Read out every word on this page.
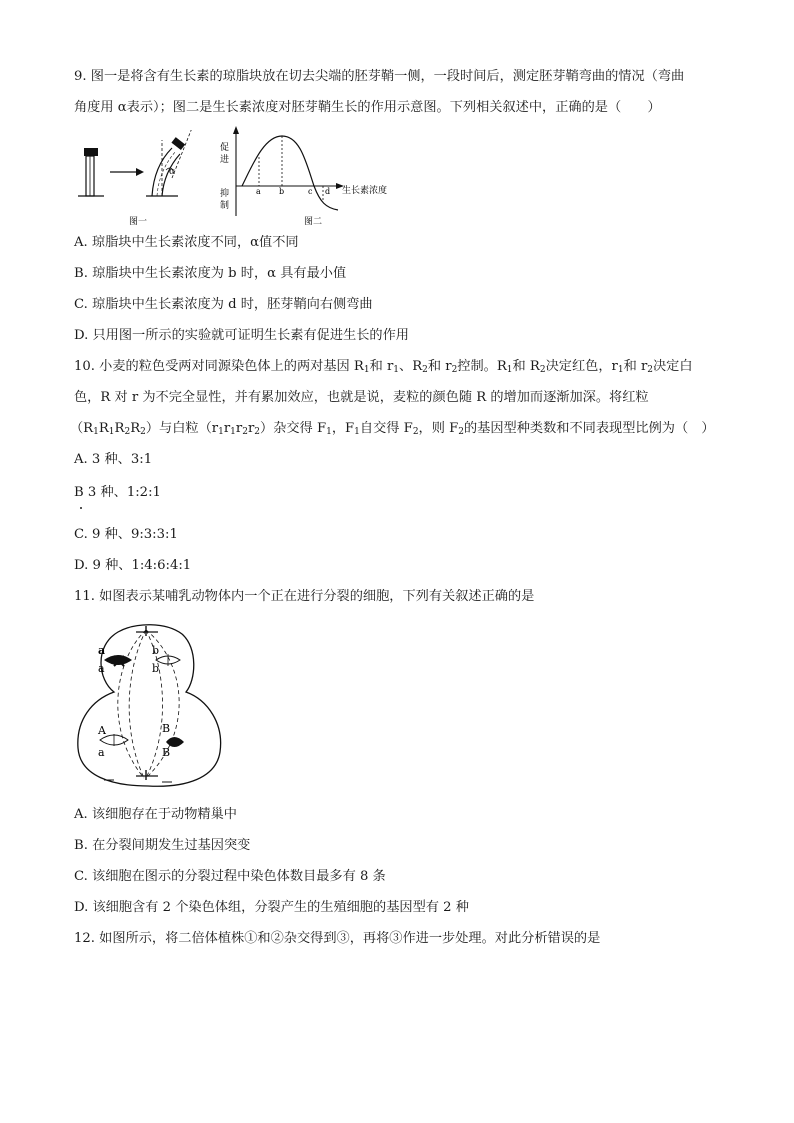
9. 图一是将含有生长素的琼脂块放在切去尖端的胚芽鞘一侧，一段时间后，测定胚芽鞘弯曲的情况（弯曲
角度用 α表示）；图二是生长素浓度对胚芽鞘生长的作用示意图。下列相关叙述中，正确的是（　　）
α
图一
促
进
抑
制
生长素浓度
a b	c d
图二
A. 琼脂块中生长素浓度不同，α值不同
B. 琼脂块中生长素浓度为 b 时，α 具有最小值
C. 琼脂块中生长素浓度为 d 时，胚芽鞘向右侧弯曲
D. 只用图一所示的实验就可证明生长素有促进生长的作用
10. 小麦的粒色受两对同源染色体上的两对基因 $R_1$和 $r_1$、$R_2$和 $r_2$控制。$R_1$和 $R_2$决定红色，$r_1$和 $r_2$决定白
色，R 对 r 为不完全显性，并有累加效应，也就是说，麦粒的颜色随 R 的增加而逐渐加深。将红粒
$(R_1R_1R_2R_2)$与白粒$(r_1r_1r_2r_2)$杂交得 $F_1$，$F_1$自交得 $F_2$，则 $F_2$的基因型种类数和不同表现型比例为（　）
A. 3 种、3:1
B 3 种、1:2:1
C. 9 种、9:3:3:1
D. 9 种、1:4:6:4:1
11. 如图表示某哺乳动物体内一个正在进行分裂的细胞，下列有关叙述正确的是
a
a
b
b
A
a
B
B
A. 该细胞存在于动物精巢中
B. 在分裂间期发生过基因突变
C. 该细胞在图示的分裂过程中染色体数目最多有 8 条
D. 该细胞含有 2 个染色体组，分裂产生的生殖细胞的基因型有 2 种
12. 如图所示，将二倍体植株①和②杂交得到③，再将③作进一步处理。对此分析错误的是
